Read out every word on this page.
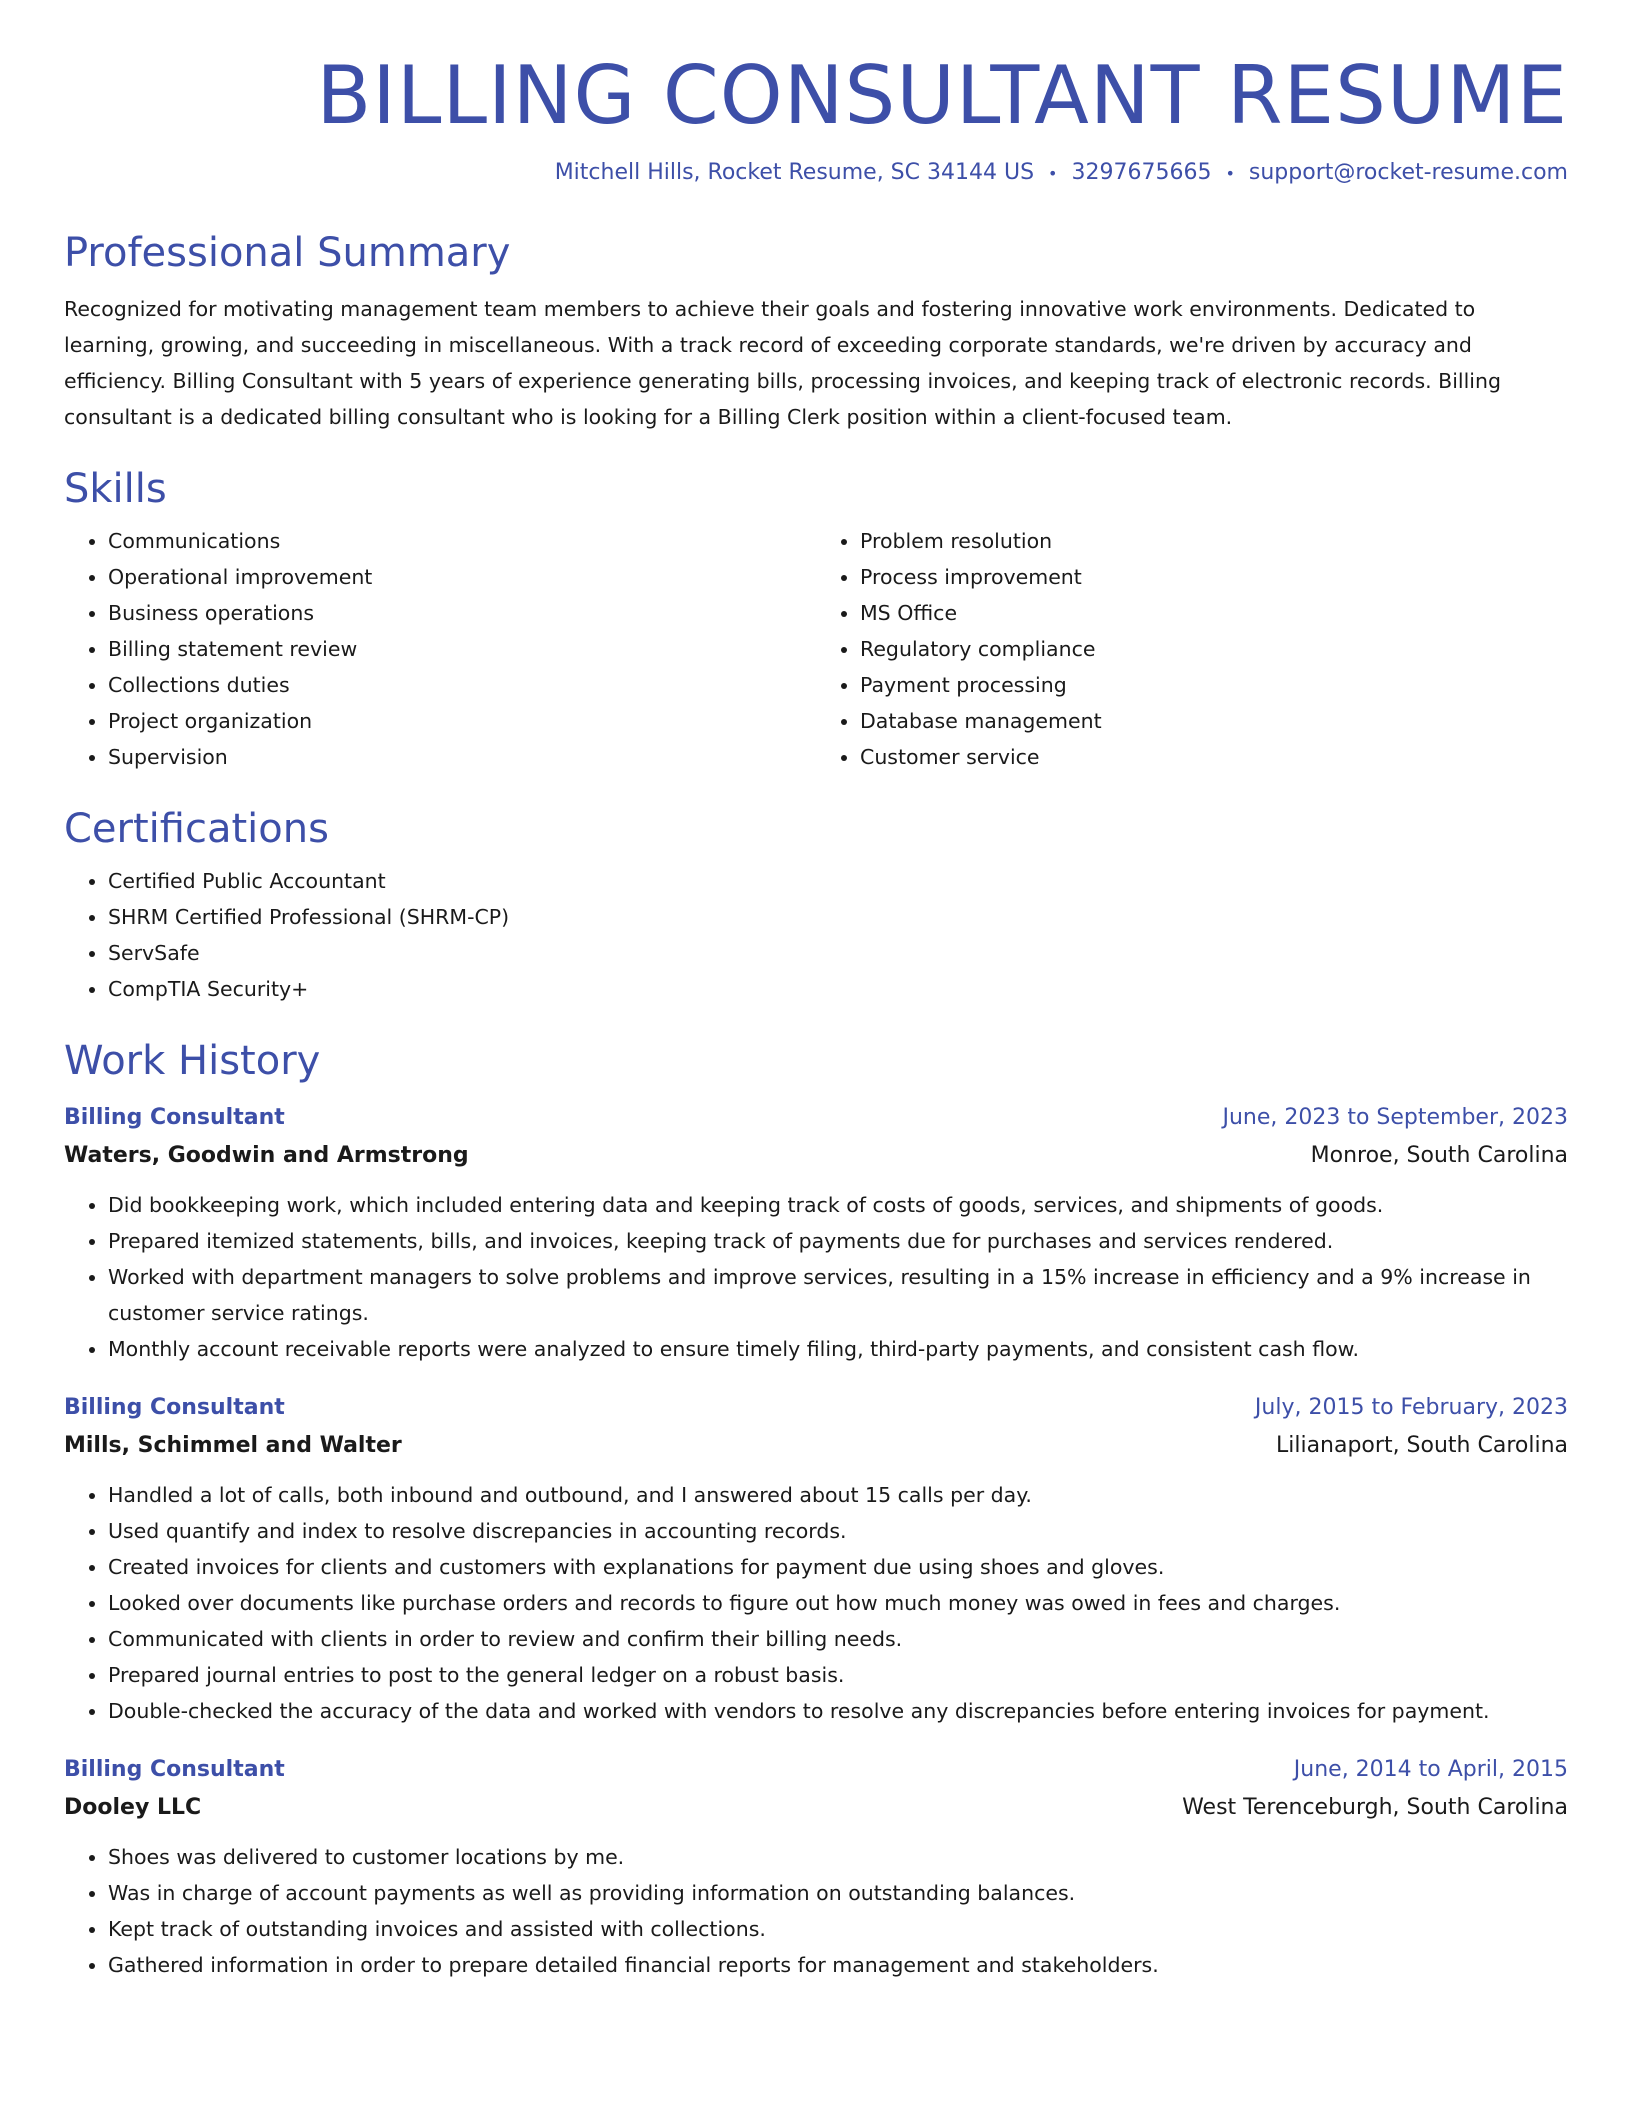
BILLING CONSULTANT RESUME
Mitchell Hills, Rocket Resume, SC 34144 US • 3297675665 • support@rocket-resume.com
Professional Summary
Recognized for motivating management team members to achieve their goals and fostering innovative work environments. Dedicated to learning, growing, and succeeding in miscellaneous. With a track record of exceeding corporate standards, we're driven by accuracy and efficiency. Billing Consultant with 5 years of experience generating bills, processing invoices, and keeping track of electronic records. Billing consultant is a dedicated billing consultant who is looking for a Billing Clerk position within a client-focused team.
Skills
• Communications
• Operational improvement
• Business operations
• Billing statement review
• Collections duties
• Project organization
• Supervision
• Problem resolution
• Process improvement
• MS Office
• Regulatory compliance
• Payment processing
• Database management
• Customer service
Certifications
• Certified Public Accountant
• SHRM Certified Professional (SHRM-CP)
• ServSafe
• CompTIA Security+
Work History
Billing Consultant	June, 2023 to September, 2023
Waters, Goodwin and Armstrong	Monroe, South Carolina
• Did bookkeeping work, which included entering data and keeping track of costs of goods, services, and shipments of goods.
• Prepared itemized statements, bills, and invoices, keeping track of payments due for purchases and services rendered.
• Worked with department managers to solve problems and improve services, resulting in a 15% increase in efficiency and a 9% increase in customer service ratings.
• Monthly account receivable reports were analyzed to ensure timely filing, third-party payments, and consistent cash flow.
Billing Consultant	July, 2015 to February, 2023
Mills, Schimmel and Walter	Lilianaport, South Carolina
• Handled a lot of calls, both inbound and outbound, and I answered about 15 calls per day.
• Used quantify and index to resolve discrepancies in accounting records.
• Created invoices for clients and customers with explanations for payment due using shoes and gloves.
• Looked over documents like purchase orders and records to figure out how much money was owed in fees and charges.
• Communicated with clients in order to review and confirm their billing needs.
• Prepared journal entries to post to the general ledger on a robust basis.
• Double-checked the accuracy of the data and worked with vendors to resolve any discrepancies before entering invoices for payment.
Billing Consultant	June, 2014 to April, 2015
Dooley LLC	West Terenceburgh, South Carolina
• Shoes was delivered to customer locations by me.
• Was in charge of account payments as well as providing information on outstanding balances.
• Kept track of outstanding invoices and assisted with collections.
• Gathered information in order to prepare detailed financial reports for management and stakeholders.
